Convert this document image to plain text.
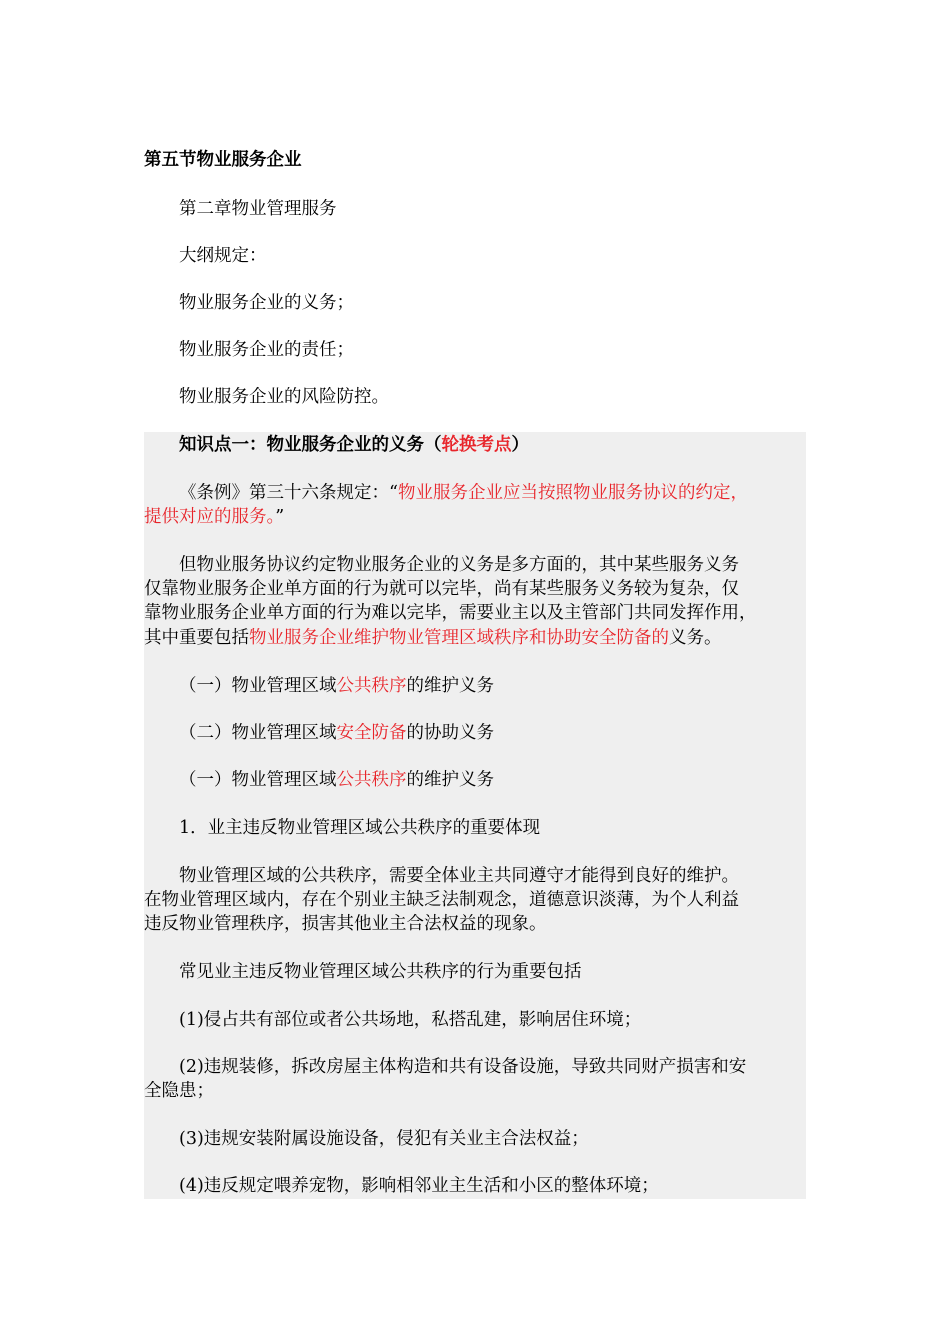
第五节物业服务企业

第二章物业管理服务

大纲规定：

物业服务企业的义务；

物业服务企业的责任；

物业服务企业的风险防控。

知识点一：物业服务企业的义务（轮换考点）

《条例》第三十六条规定：“物业服务企业应当按照物业服务协议的约定，

提供对应的服务。”

但物业服务协议约定物业服务企业的义务是多方面的，其中某些服务义务

仅靠物业服务企业单方面的行为就可以完毕，尚有某些服务义务较为复杂，仅

靠物业服务企业单方面的行为难以完毕，需要业主以及主管部门共同发挥作用，

其中重要包括物业服务企业维护物业管理区域秩序和协助安全防备的义务。

（一）物业管理区域公共秩序的维护义务

（二）物业管理区域安全防备的协助义务

（一）物业管理区域公共秩序的维护义务

1．业主违反物业管理区域公共秩序的重要体现

物业管理区域的公共秩序，需要全体业主共同遵守才能得到良好的维护。

在物业管理区域内，存在个别业主缺乏法制观念，道德意识淡薄，为个人利益

违反物业管理秩序，损害其他业主合法权益的现象。

常见业主违反物业管理区域公共秩序的行为重要包括

(1)侵占共有部位或者公共场地，私搭乱建，影响居住环境；

(2)违规装修，拆改房屋主体构造和共有设备设施，导致共同财产损害和安

全隐患；

(3)违规安装附属设施设备，侵犯有关业主合法权益；

(4)违反规定喂养宠物，影响相邻业主生活和小区的整体环境；
